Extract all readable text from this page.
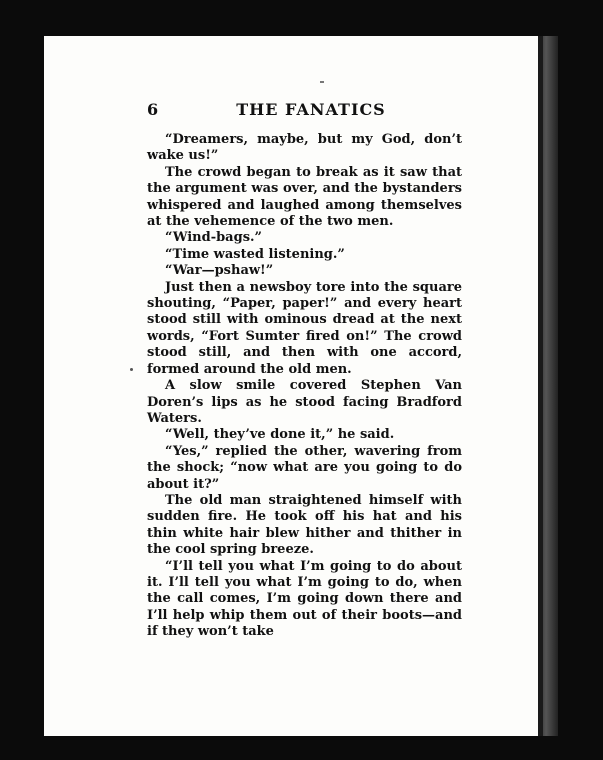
6	THE FANATICS

“Dreamers, maybe, but my God, don’t wake us!”

The crowd began to break as it saw that the argument was over, and the bystanders whispered and laughed among themselves at the vehemence of the two men.

“Wind-bags.”

“Time wasted listening.”

“War—pshaw!”

Just then a newsboy tore into the square shouting, “Paper, paper!” and every heart stood still with ominous dread at the next words, “Fort Sumter fired on!” The crowd stood still, and then with one accord, formed around the old men.

A slow smile covered Stephen Van Doren’s lips as he stood facing Bradford Waters.

“Well, they’ve done it,” he said.

“Yes,” replied the other, wavering from the shock; “now what are you going to do about it?”

The old man straightened himself with sudden fire. He took off his hat and his thin white hair blew hither and thither in the cool spring breeze.

“I’ll tell you what I’m going to do about it. I’ll tell you what I’m going to do, when the call comes, I’m going down there and I’ll help whip them out of their boots—and if they won’t take
